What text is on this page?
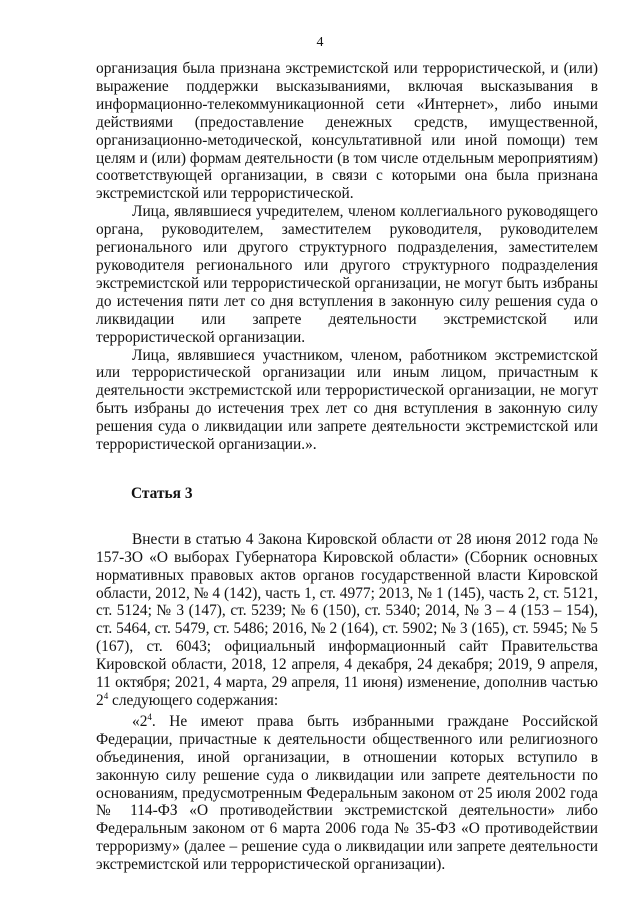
4

организация была признана экстремистской или террористической, и (или) выражение поддержки высказываниями, включая высказывания в информационно-телекоммуникационной сети «Интернет», либо иными действиями (предоставление денежных средств, имущественной, организационно-методической, консультативной или иной помощи) тем целям и (или) формам деятельности (в том числе отдельным мероприятиям) соответствующей организации, в связи с которыми она была признана экстремистской или террористической.

Лица, являвшиеся учредителем, членом коллегиального руководящего органа, руководителем, заместителем руководителя, руководителем регионального или другого структурного подразделения, заместителем руководителя регионального или другого структурного подразделения экстремистской или террористической организации, не могут быть избраны до истечения пяти лет со дня вступления в законную силу решения суда о ликвидации или запрете деятельности экстремистской или террористической организации.

Лица, являвшиеся участником, членом, работником экстремистской или террористической организации или иным лицом, причастным к деятельности экстремистской или террористической организации, не могут быть избраны до истечения трех лет со дня вступления в законную силу решения суда о ликвидации или запрете деятельности экстремистской или террористической организации.».

Статья 3

Внести в статью 4 Закона Кировской области от 28 июня 2012 года № 157-ЗО «О выборах Губернатора Кировской области» (Сборник основных нормативных правовых актов органов государственной власти Кировской области, 2012, № 4 (142), часть 1, ст. 4977; 2013, № 1 (145), часть 2, ст. 5121, ст. 5124; № 3 (147), ст. 5239; № 6 (150), ст. 5340; 2014, № 3 – 4 (153 – 154), ст. 5464, ст. 5479, ст. 5486; 2016, № 2 (164), ст. 5902; № 3 (165), ст. 5945; № 5 (167), ст. 6043; официальный информационный сайт Правительства Кировской области, 2018, 12 апреля, 4 декабря, 24 декабря; 2019, 9 апреля, 11 октября; 2021, 4 марта, 29 апреля, 11 июня) изменение, дополнив частью $2^4$ следующего содержания:

«$2^4$. Не имеют права быть избранными граждане Российской Федерации, причастные к деятельности общественного или религиозного объединения, иной организации, в отношении которых вступило в законную силу решение суда о ликвидации или запрете деятельности по основаниям, предусмотренным Федеральным законом от 25 июля 2002 года № 114-ФЗ «О противодействии экстремистской деятельности» либо Федеральным законом от 6 марта 2006 года № 35-ФЗ «О противодействии терроризму» (далее – решение суда о ликвидации или запрете деятельности экстремистской или террористической организации).
